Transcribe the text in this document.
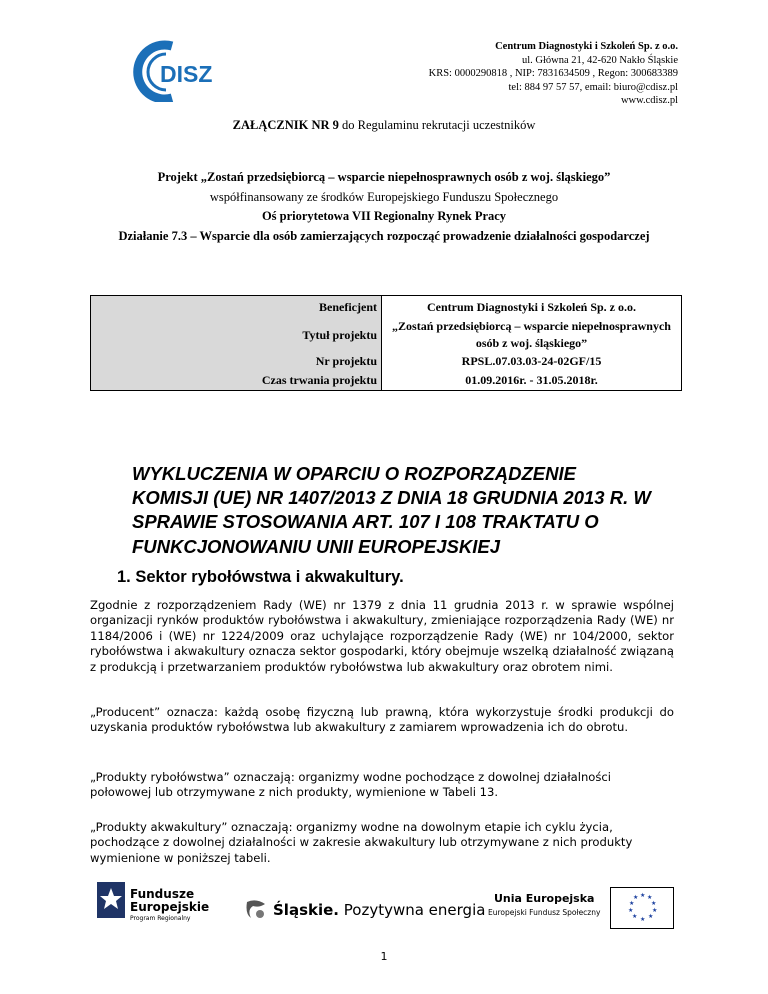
DISZ
Centrum Diagnostyki i Szkoleń Sp. z o.o.
ul. Główna 21, 42-620 Nakło Śląskie
KRS: 0000290818 , NIP: 7831634509 , Regon: 300683389
tel: 884 97 57 57, email: biuro@cdisz.pl
www.cdisz.pl
ZAŁĄCZNIK NR 9 do Regulaminu rekrutacji uczestników
Projekt „Zostań przedsiębiorcą – wsparcie niepełnosprawnych osób z woj. śląskiego”
współfinansowany ze środków Europejskiego Funduszu Społecznego
Oś priorytetowa VII Regionalny Rynek Pracy
Działanie 7.3 – Wsparcie dla osób zamierzających rozpocząć prowadzenie działalności gospodarczej
Beneficjent
Tytuł projektu
Nr projektu
Czas trwania projektu
Centrum Diagnostyki i Szkoleń Sp. z o.o.
„Zostań przedsiębiorcą – wsparcie niepełnosprawnych osób z woj. śląskiego”
RPSL.07.03.03-24-02GF/15
01.09.2016r. - 31.05.2018r.
WYKLUCZENIA W OPARCIU O ROZPORZĄDZENIE KOMISJI (UE) NR 1407/2013 Z DNIA 18 GRUDNIA 2013 R. W SPRAWIE STOSOWANIA ART. 107 I 108 TRAKTATU O FUNKCJONOWANIU UNII EUROPEJSKIEJ
1. Sektor rybołówstwa i akwakultury.
Zgodnie z rozporządzeniem Rady (WE) nr 1379 z dnia 11 grudnia 2013 r. w sprawie wspólnej organizacji rynków produktów rybołówstwa i akwakultury, zmieniające rozporządzenia Rady (WE) nr 1184/2006 i (WE) nr 1224/2009 oraz uchylające rozporządzenie Rady (WE) nr 104/2000, sektor rybołówstwa i akwakultury oznacza sektor gospodarki, który obejmuje wszelką działalność związaną z produkcją i przetwarzaniem produktów rybołówstwa lub akwakultury oraz obrotem nimi.
„Producent” oznacza: każdą osobę fizyczną lub prawną, która wykorzystuje środki produkcji do uzyskania produktów rybołówstwa lub akwakultury z zamiarem wprowadzenia ich do obrotu.
„Produkty rybołówstwa” oznaczają: organizmy wodne pochodzące z dowolnej działalności połowowej lub otrzymywane z nich produkty, wymienione w Tabeli 13.
„Produkty akwakultury” oznaczają: organizmy wodne na dowolnym etapie ich cyklu życia, pochodzące z dowolnej działalności w zakresie akwakultury lub otrzymywane z nich produkty wymienione w poniższej tabeli.
Fundusze
Europejskie
Program Regionalny	Śląskie. Pozytywna energia
Unia Europejska
Europejski Fundusz Społeczny
★ ★
★
★
★
★
★
★
★
★
1
